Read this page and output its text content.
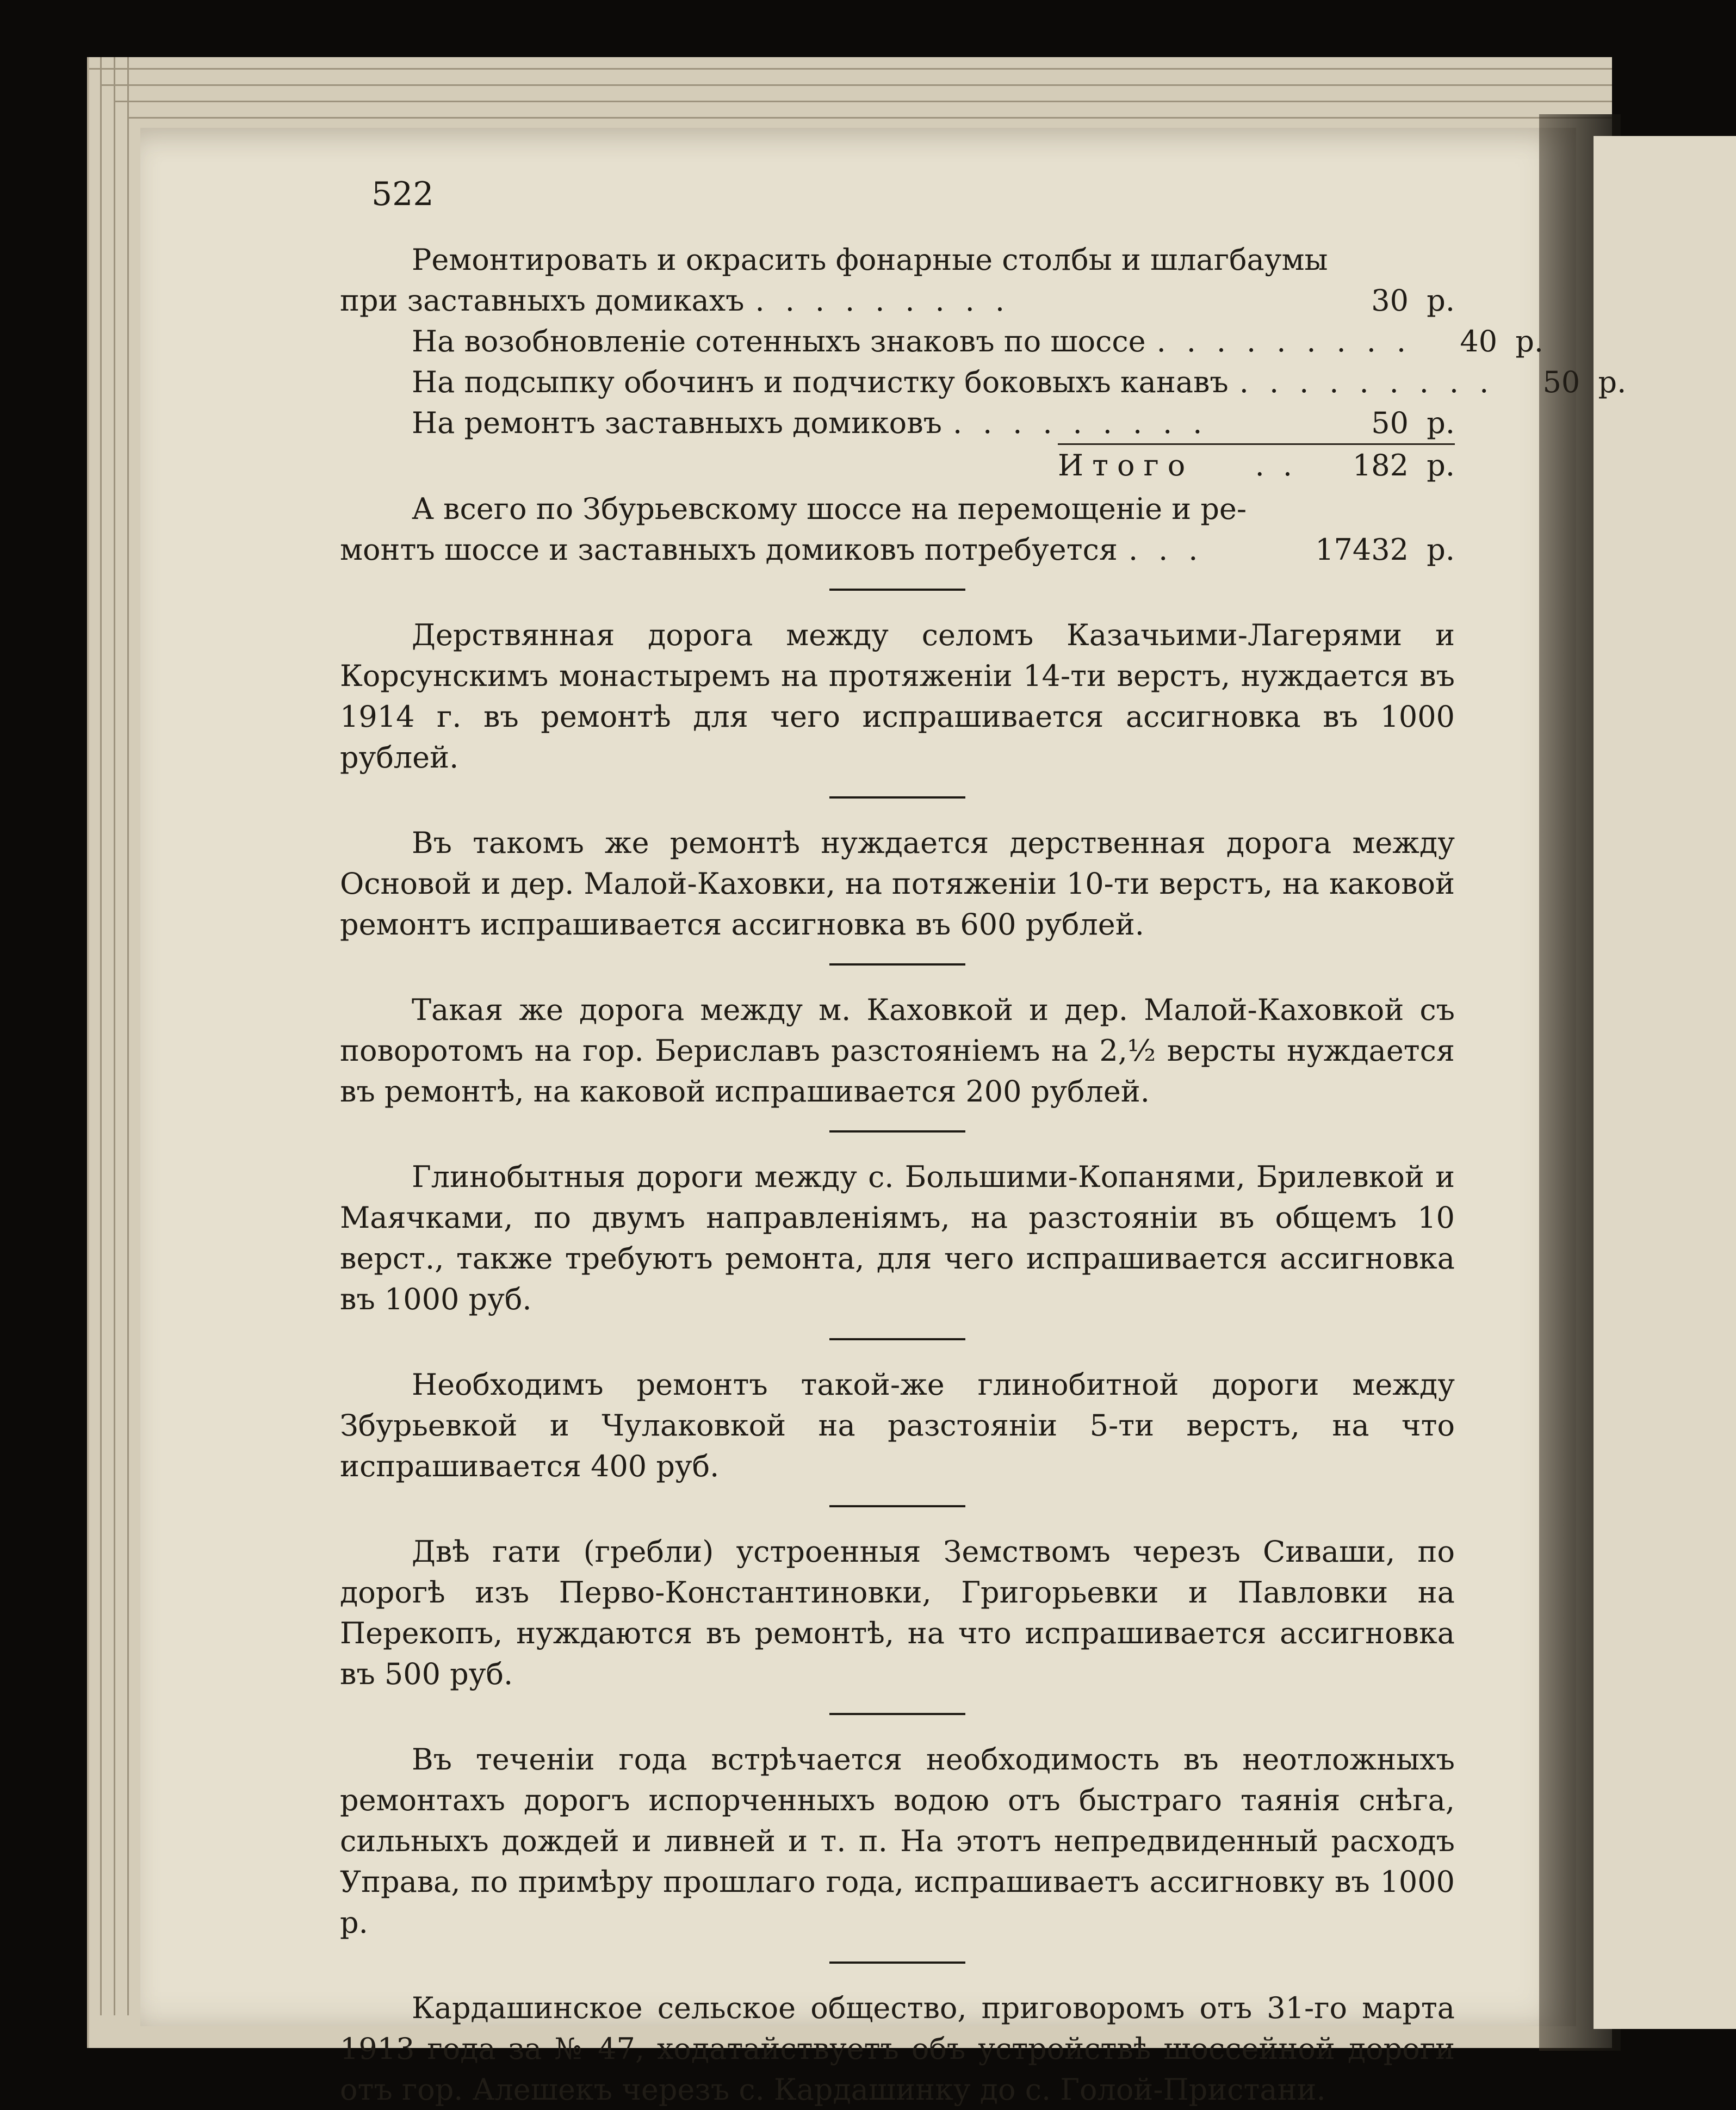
522
Ремонтировать и окрасить фонарные столбы и шлагбаумы
при заставныхъ домикахъ .........	30 р.
На возобновленіе сотенныхъ знаковъ по шоссе .........	40 р.
На подсыпку обочинъ и подчистку боковыхъ канавъ .........	50 р.
На ремонтъ заставныхъ домиковъ .........	50 р.
Итого	..	182 р.
А всего по Збурьевскому шоссе на перемощеніе и ре-
монтъ шоссе и заставныхъ домиковъ потребуется ...	17432 р.

Дерствянная дорога между селомъ Казачьими-Лагерями и Корсунскимъ монастыремъ на протяженіи 14-ти верстъ, нуждается въ 1914 г. въ ремонтѣ для чего испрашивается ассигновка въ 1000 рублей.

Въ такомъ же ремонтѣ нуждается дерственная дорога между Основой и дер. Малой-Каховки, на потяженіи 10-ти верстъ, на каковой ремонтъ испрашивается ассигновка въ 600 рублей.

Такая же дорога между м. Каховкой и дер. Малой-Каховкой съ поворотомъ на гор. Бериславъ разстояніемъ на 2,½ версты нуждается въ ремонтѣ, на каковой испрашивается 200 рублей.

Глинобытныя дороги между с. Большими-Копанями, Брилевкой и Маячками, по двумъ направленіямъ, на разстояніи въ общемъ 10 верст., также требуютъ ремонта, для чего испрашивается ассигновка въ 1000 руб.

Необходимъ ремонтъ такой-же глинобитной дороги между Збурьевкой и Чулаковкой на разстояніи 5-ти верстъ, на что испрашивается 400 руб.

Двѣ гати (гребли) устроенныя Земствомъ черезъ Сиваши, по дорогѣ изъ Перво-Константиновки, Григорьевки и Павловки на Перекопъ, нуждаются въ ремонтѣ, на что испрашивается ассигновка въ 500 руб.

Въ теченіи года встрѣчается необходимость въ неотложныхъ ремонтахъ дорогъ испорченныхъ водою отъ быстраго таянія снѣга, сильныхъ дождей и ливней и т. п. На этотъ непредвиденный расходъ Управа, по примѣру прошлаго года, испрашиваетъ ассигновку въ 1000 р.

Кардашинское сельское общество, приговоромъ отъ 31-го марта 1913 года за № 47, ходатайствуетъ объ устройствѣ шоссейной дороги отъ гор. Алешекъ черезъ с. Кардашинку до с. Голой-Пристани.
